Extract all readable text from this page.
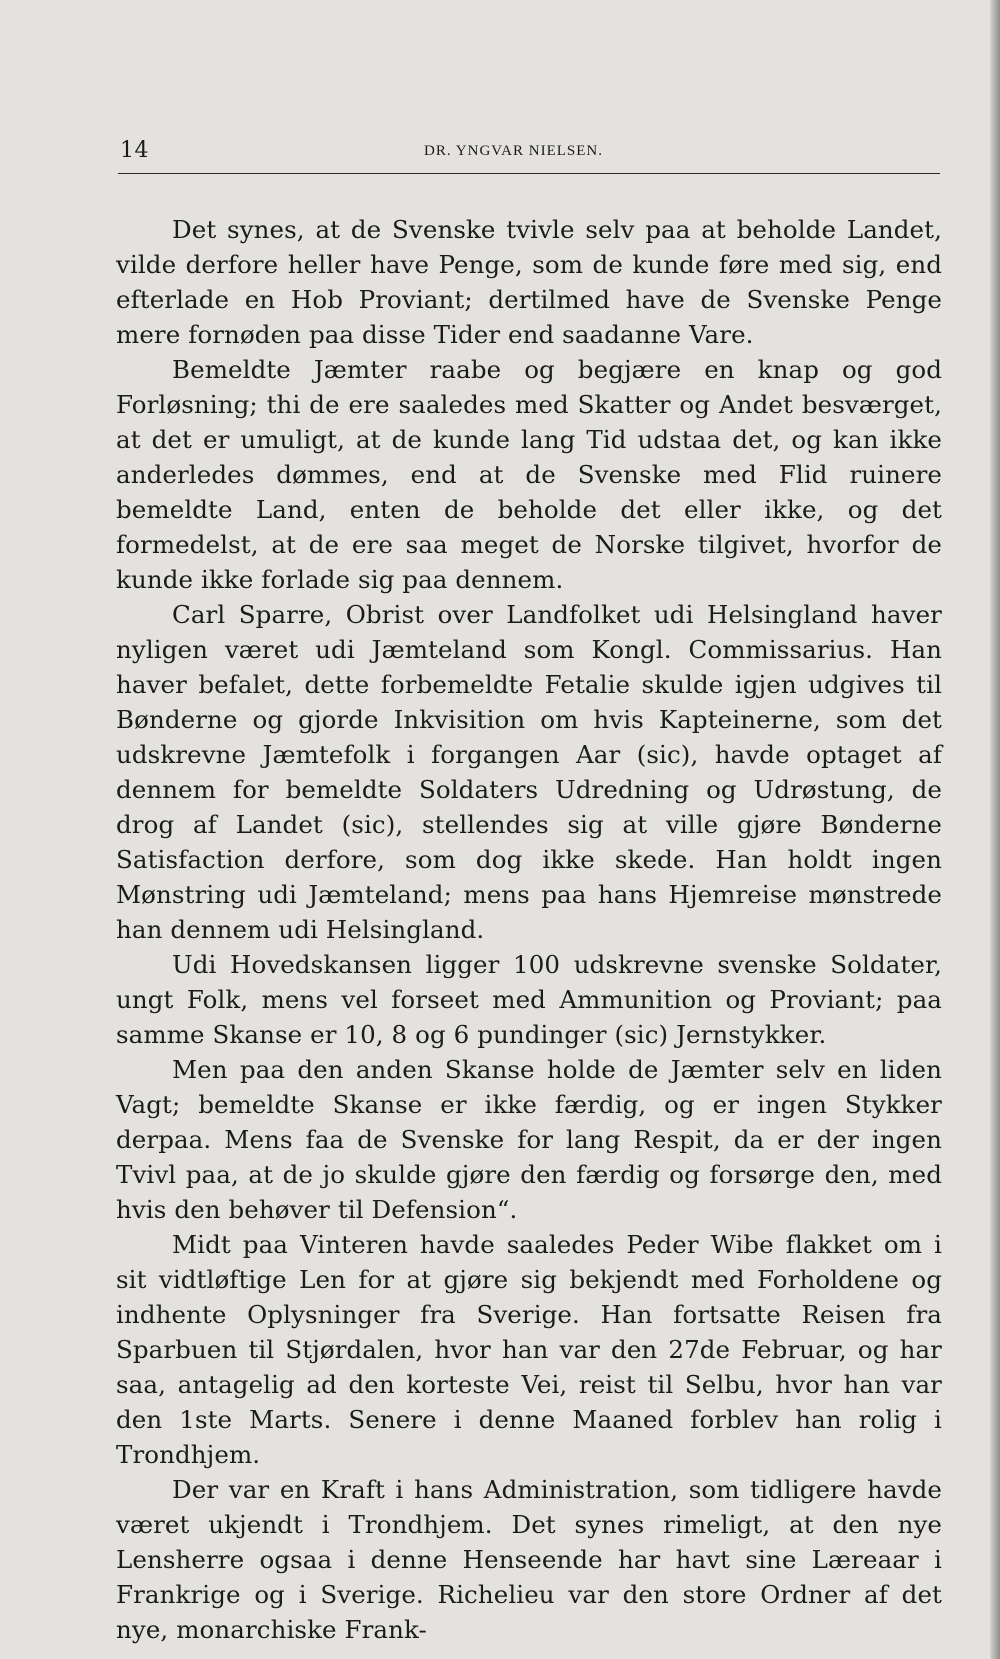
14	DR. YNGVAR NIELSEN.

Det synes, at de Svenske tvivle selv paa at beholde Landet, vilde derfore heller have Penge, som de kunde føre med sig, end efterlade en Hob Proviant; dertilmed have de Svenske Penge mere fornøden paa disse Tider end saadanne Vare.

Bemeldte Jæmter raabe og begjære en knap og god Forløsning; thi de ere saaledes med Skatter og Andet besværget, at det er umuligt, at de kunde lang Tid udstaa det, og kan ikke anderledes dømmes, end at de Svenske med Flid ruinere bemeldte Land, enten de beholde det eller ikke, og det formedelst, at de ere saa meget de Norske tilgivet, hvorfor de kunde ikke forlade sig paa dennem.

Carl Sparre, Obrist over Landfolket udi Helsingland haver nyligen været udi Jæmteland som Kongl. Commissarius. Han haver befalet, dette forbemeldte Fetalie skulde igjen udgives til Bønderne og gjorde Inkvisition om hvis Kapteinerne, som det udskrevne Jæmtefolk i forgangen Aar (sic), havde optaget af dennem for bemeldte Soldaters Udredning og Udrøstung, de drog af Landet (sic), stellendes sig at ville gjøre Bønderne Satisfaction derfore, som dog ikke skede. Han holdt ingen Mønstring udi Jæmteland; mens paa hans Hjemreise mønstrede han dennem udi Helsingland.

Udi Hovedskansen ligger 100 udskrevne svenske Soldater, ungt Folk, mens vel forseet med Ammunition og Proviant; paa samme Skanse er 10, 8 og 6 pundinger (sic) Jernstykker.

Men paa den anden Skanse holde de Jæmter selv en liden Vagt; bemeldte Skanse er ikke færdig, og er ingen Stykker derpaa. Mens faa de Svenske for lang Respit, da er der ingen Tvivl paa, at de jo skulde gjøre den færdig og forsørge den, med hvis den behøver til Defension“.

Midt paa Vinteren havde saaledes Peder Wibe flakket om i sit vidtløftige Len for at gjøre sig bekjendt med Forholdene og indhente Oplysninger fra Sverige. Han fortsatte Reisen fra Sparbuen til Stjørdalen, hvor han var den 27de Februar, og har saa, antagelig ad den korteste Vei, reist til Selbu, hvor han var den 1ste Marts. Senere i denne Maaned forblev han rolig i Trondhjem.

Der var en Kraft i hans Administration, som tidligere havde været ukjendt i Trondhjem. Det synes rimeligt, at den nye Lensherre ogsaa i denne Henseende har havt sine Læreaar i Frankrige og i Sverige. Richelieu var den store Ordner af det nye, monarchiske Frank-
